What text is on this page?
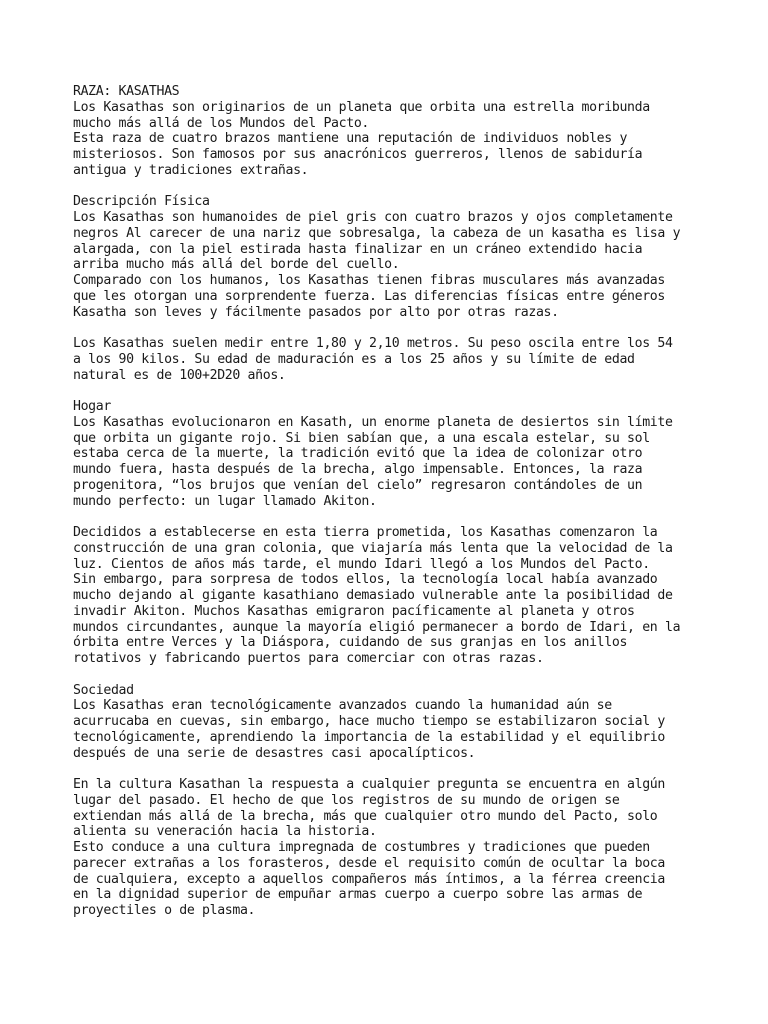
RAZA: KASATHAS
Los Kasathas son originarios de un planeta que orbita una estrella moribunda
mucho más allá de los Mundos del Pacto.
Esta raza de cuatro brazos mantiene una reputación de individuos nobles y
misteriosos. Son famosos por sus anacrónicos guerreros, llenos de sabiduría
antigua y tradiciones extrañas.

Descripción Física
Los Kasathas son humanoides de piel gris con cuatro brazos y ojos completamente
negros Al carecer de una nariz que sobresalga, la cabeza de un kasatha es lisa y
alargada, con la piel estirada hasta finalizar en un cráneo extendido hacia
arriba mucho más allá del borde del cuello.
Comparado con los humanos, los Kasathas tienen fibras musculares más avanzadas
que les otorgan una sorprendente fuerza. Las diferencias físicas entre géneros
Kasatha son leves y fácilmente pasados por alto por otras razas.

Los Kasathas suelen medir entre 1,80 y 2,10 metros. Su peso oscila entre los 54
a los 90 kilos. Su edad de maduración es a los 25 años y su límite de edad
natural es de 100+2D20 años.

Hogar
Los Kasathas evolucionaron en Kasath, un enorme planeta de desiertos sin límite
que orbita un gigante rojo. Si bien sabían que, a una escala estelar, su sol
estaba cerca de la muerte, la tradición evitó que la idea de colonizar otro
mundo fuera, hasta después de la brecha, algo impensable. Entonces, la raza
progenitora, “los brujos que venían del cielo” regresaron contándoles de un
mundo perfecto: un lugar llamado Akiton.

Decididos a establecerse en esta tierra prometida, los Kasathas comenzaron la
construcción de una gran colonia, que viajaría más lenta que la velocidad de la
luz. Cientos de años más tarde, el mundo Idari llegó a los Mundos del Pacto.
Sin embargo, para sorpresa de todos ellos, la tecnología local había avanzado
mucho dejando al gigante kasathiano demasiado vulnerable ante la posibilidad de
invadir Akiton. Muchos Kasathas emigraron pacíficamente al planeta y otros
mundos circundantes, aunque la mayoría eligió permanecer a bordo de Idari, en la
órbita entre Verces y la Diáspora, cuidando de sus granjas en los anillos
rotativos y fabricando puertos para comerciar con otras razas.

Sociedad
Los Kasathas eran tecnológicamente avanzados cuando la humanidad aún se
acurrucaba en cuevas, sin embargo, hace mucho tiempo se estabilizaron social y
tecnológicamente, aprendiendo la importancia de la estabilidad y el equilibrio
después de una serie de desastres casi apocalípticos.

En la cultura Kasathan la respuesta a cualquier pregunta se encuentra en algún
lugar del pasado. El hecho de que los registros de su mundo de origen se
extiendan más allá de la brecha, más que cualquier otro mundo del Pacto, solo
alienta su veneración hacia la historia.
Esto conduce a una cultura impregnada de costumbres y tradiciones que pueden
parecer extrañas a los forasteros, desde el requisito común de ocultar la boca
de cualquiera, excepto a aquellos compañeros más íntimos, a la férrea creencia
en la dignidad superior de empuñar armas cuerpo a cuerpo sobre las armas de
proyectiles o de plasma.
